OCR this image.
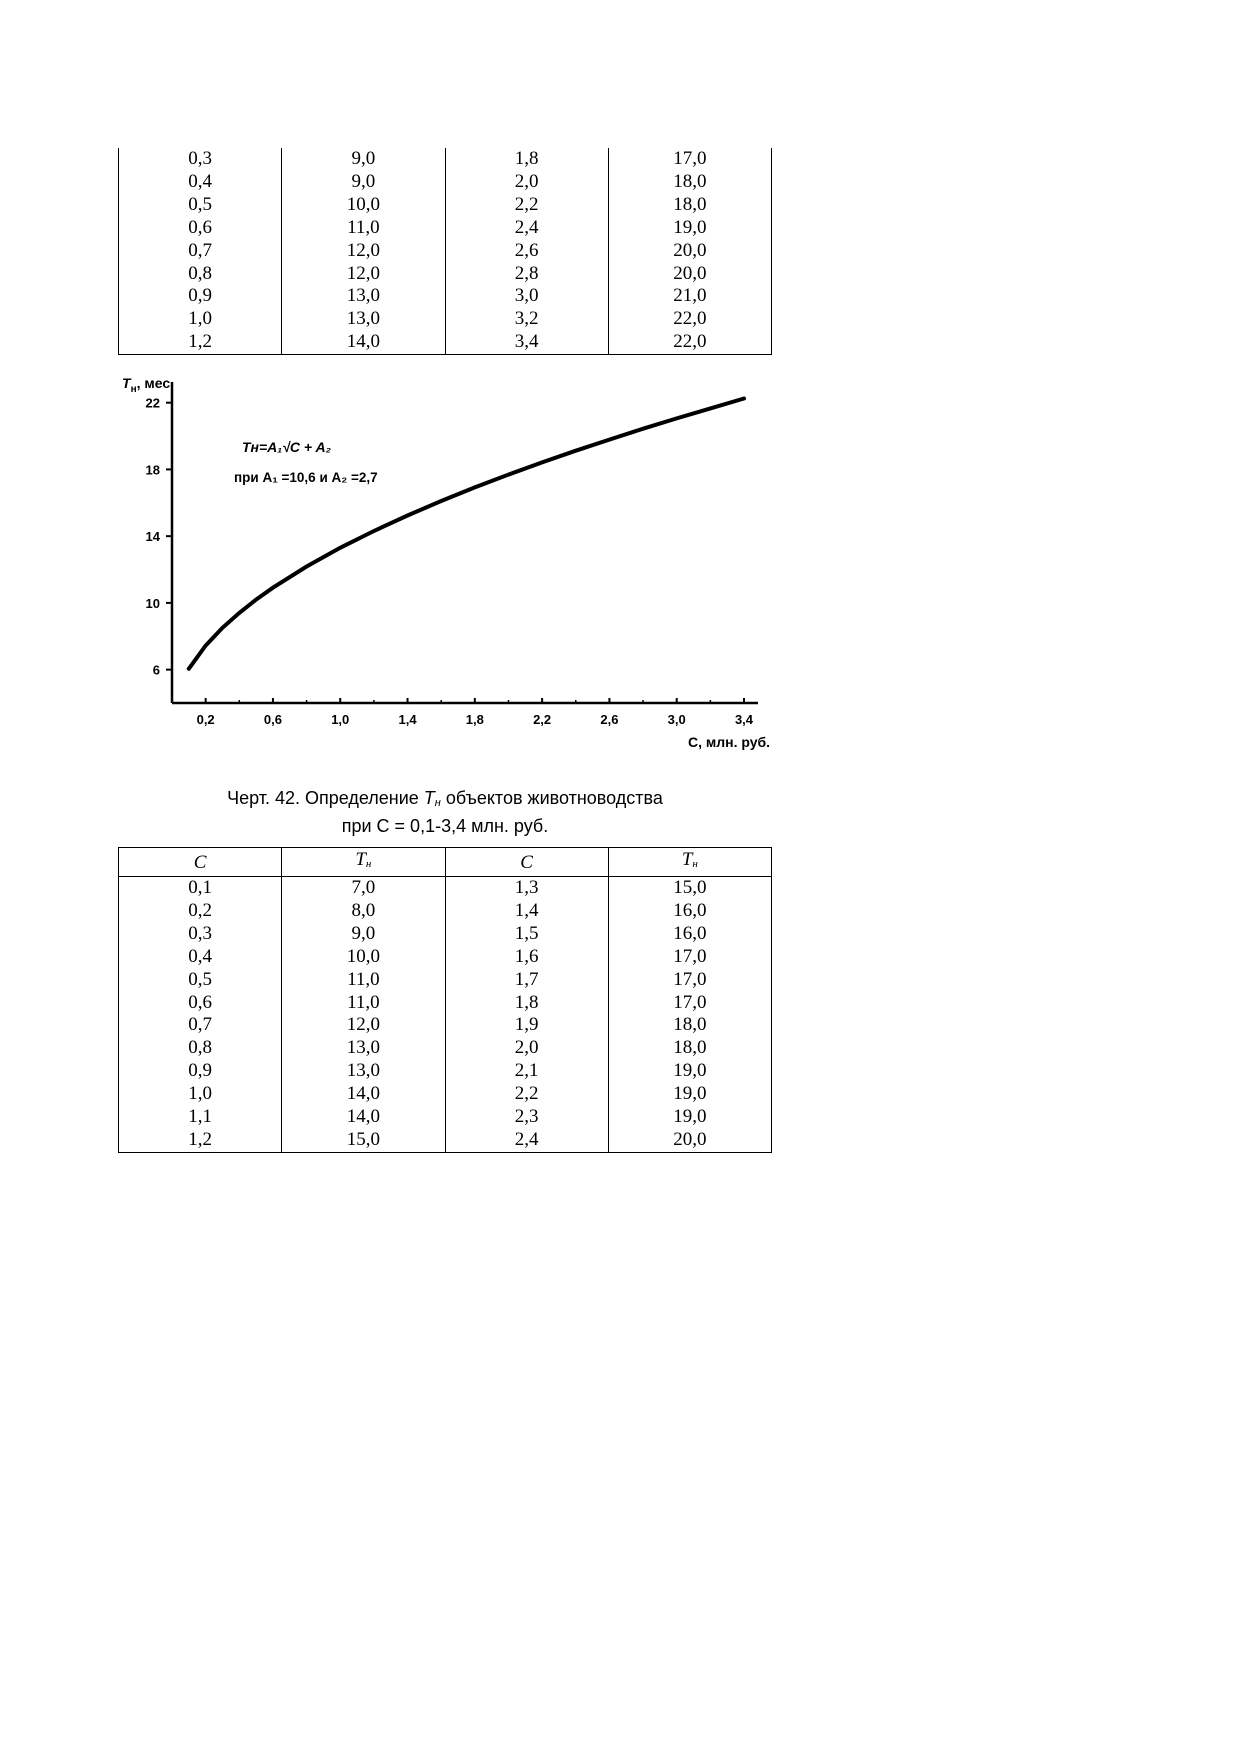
0,3	9,0	1,8	17,0
0,4	9,0	2,0	18,0
0,5	10,0	2,2	18,0
0,6	11,0	2,4	19,0
0,7	12,0	2,6	20,0
0,8	12,0	2,8	20,0
0,9	13,0	3,0	21,0
1,0	13,0	3,2	22,0
1,2	14,0	3,4	22,0
6
10
14
18
22
0,2	0,6	1,0	1,4	1,8	2,2	2,6	3,0	3,4
$T_н$, мес
С, млн. руб.
Tн=A₁√C + A₂
при A₁ =10,6 и A₂ =2,7
Черт. 42. Определение Tн объектов животноводства
при С = 0,1-3,4 млн. руб.
C	Tн	C	Tн
0,1	7,0	1,3	15,0
0,2	8,0	1,4	16,0
0,3	9,0	1,5	16,0
0,4	10,0	1,6	17,0
0,5	11,0	1,7	17,0
0,6	11,0	1,8	17,0
0,7	12,0	1,9	18,0
0,8	13,0	2,0	18,0
0,9	13,0	2,1	19,0
1,0	14,0	2,2	19,0
1,1	14,0	2,3	19,0
1,2	15,0	2,4	20,0
